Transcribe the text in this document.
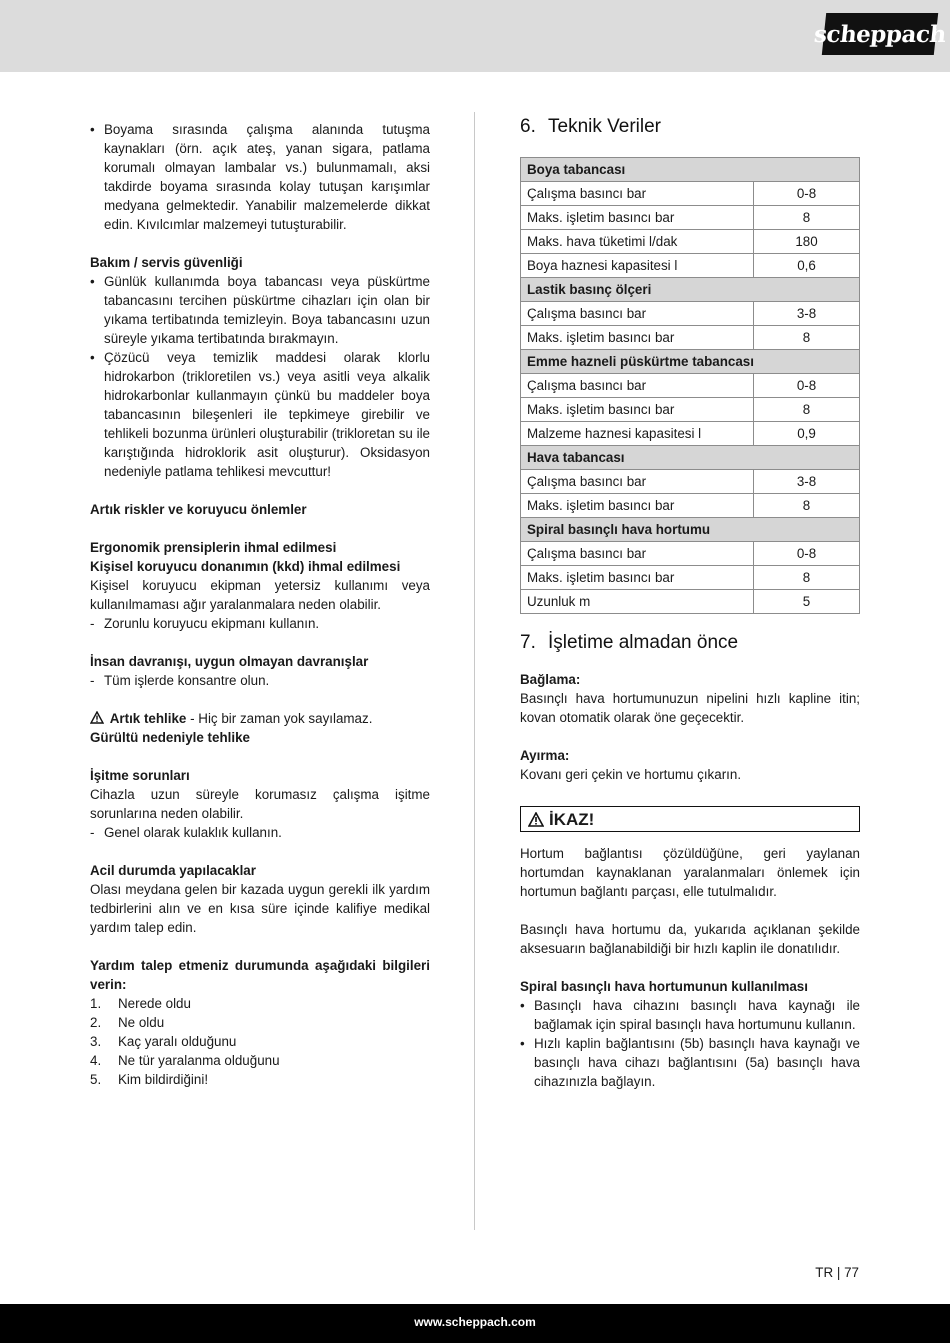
scheppach

• Boyama sırasında çalışma alanında tutuşma kaynakları (örn. açık ateş, yanan sigara, patlama korumalı olmayan lambalar vs.) bulunmamalı, aksi takdirde boyama sırasında kolay tutuşan karışımlar medyana gelmektedir. Yanabilir malzemelerde dikkat edin. Kıvılcımlar malzemeyi tutuşturabilir.

Bakım / servis güvenliği

• Günlük kullanımda boya tabancası veya püskürtme tabancasını tercihen püskürtme cihazları için olan bir yıkama tertibatında temizleyin. Boya tabancasını uzun süreyle yıkama tertibatında bırakmayın.

• Çözücü veya temizlik maddesi olarak klorlu hidrokarbon (trikloretilen vs.) veya asitli veya alkalik hidrokarbonlar kullanmayın çünkü bu maddeler boya tabancasının bileşenleri ile tepkimeye girebilir ve tehlikeli bozunma ürünleri oluşturabilir (trikloretan su ile karıştığında hidroklorik asit oluşturur). Oksidasyon nedeniyle patlama tehlikesi mevcuttur!

Artık riskler ve koruyucu önlemler

Ergonomik prensiplerin ihmal edilmesi

Kişisel koruyucu donanımın (kkd) ihmal edilmesi

Kişisel koruyucu ekipman yetersiz kullanımı veya kullanılmaması ağır yaralanmalara neden olabilir.

- Zorunlu koruyucu ekipmanı kullanın.

İnsan davranışı, uygun olmayan davranışlar

- Tüm işlerde konsantre olun.

Artık tehlike - Hiç bir zaman yok sayılamaz.

Gürültü nedeniyle tehlike

İşitme sorunları

Cihazla uzun süreyle korumasız çalışma işitme sorunlarına neden olabilir.

- Genel olarak kulaklık kullanın.

Acil durumda yapılacaklar

Olası meydana gelen bir kazada uygun gerekli ilk yardım tedbirlerini alın ve en kısa süre içinde kalifiye medikal yardım talep edin.

Yardım talep etmeniz durumunda aşağıdaki bilgileri verin:

1. Nerede oldu

2. Ne oldu

3. Kaç yaralı olduğunu

4. Ne tür yaralanma olduğunu

5. Kim bildirdiğini!

6. Teknik Veriler
Boya tabancası	
Çalışma basıncı bar	0-8
Maks. işletim basıncı bar	8
Maks. hava tüketimi l/dak	180
Boya haznesi kapasitesi l	0,6
Lastik basınç ölçeri	
Çalışma basıncı bar	3-8
Maks. işletim basıncı bar	8
Emme hazneli püskürtme tabancası	
Çalışma basıncı bar	0-8
Maks. işletim basıncı bar	8
Malzeme haznesi kapasitesi l	0,9
Hava tabancası	
Çalışma basıncı bar	3-8
Maks. işletim basıncı bar	8
Spiral basınçlı hava hortumu	
Çalışma basıncı bar	0-8
Maks. işletim basıncı bar	8
Uzunluk m	5
7. İşletime almadan önce

Bağlama:

Basınçlı hava hortumunuzun nipelini hızlı kapline itin; kovan otomatik olarak öne geçecektir.

Ayırma:

Kovanı geri çekin ve hortumu çıkarın.

İKAZ!

Hortum bağlantısı çözüldüğüne, geri yaylanan hortumdan kaynaklanan yaralanmaları önlemek için hortumun bağlantı parçası, elle tutulmalıdır.

Basınçlı hava hortumu da, yukarıda açıklanan şekilde aksesuarın bağlanabildiği bir hızlı kaplin ile donatılıdır.

Spiral basınçlı hava hortumunun kullanılması

• Basınçlı hava cihazını basınçlı hava kaynağı ile bağlamak için spiral basınçlı hava hortumunu kullanın.

• Hızlı kaplin bağlantısını (5b) basınçlı hava kaynağı ve basınçlı hava cihazı bağlantısını (5a) basınçlı hava cihazınızla bağlayın.

TR | 77
www.scheppach.com
